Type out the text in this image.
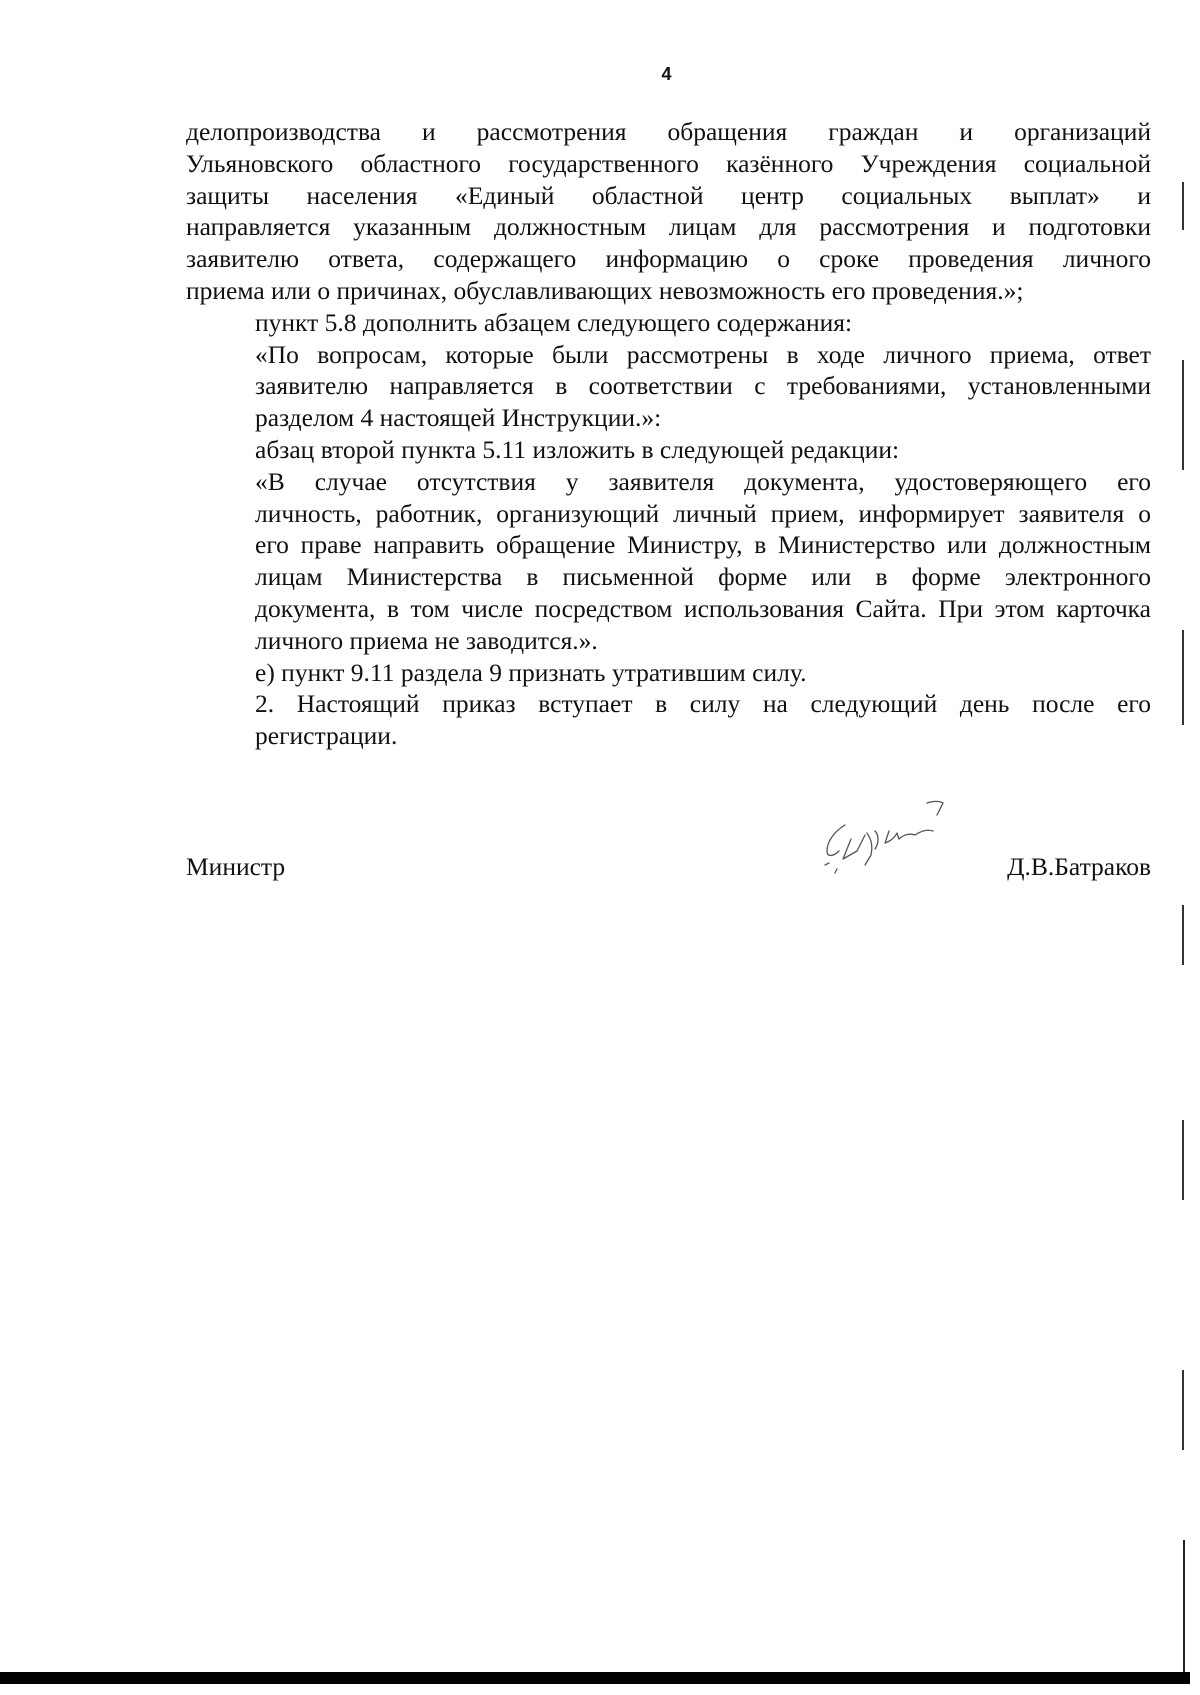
4

делопроизводства и рассмотрения обращения граждан и организаций
Ульяновского областного государственного казённого Учреждения социальной
защиты населения «Единый областной центр социальных выплат» и
направляется указанным должностным лицам для рассмотрения и подготовки
заявителю ответа, содержащего информацию о сроке проведения личного
приема или о причинах, обуславливающих невозможность его проведения.»;

пункт 5.8 дополнить абзацем следующего содержания:

«По вопросам, которые были рассмотрены в ходе личного приема, ответ
заявителю направляется в соответствии с требованиями, установленными
разделом 4 настоящей Инструкции.»:

абзац второй пункта 5.11 изложить в следующей редакции:

«В случае отсутствия у заявителя документа, удостоверяющего его
личность, работник, организующий личный прием, информирует заявителя о
его праве направить обращение Министру, в Министерство или должностным
лицам Министерства в письменной форме или в форме электронного
документа, в том числе посредством использования Сайта. При этом карточка
личного приема не заводится.».

е) пункт 9.11 раздела 9 признать утратившим силу.

2. Настоящий приказ вступает в силу на следующий день после его
регистрации.

Министр	Д.В.Батраков
